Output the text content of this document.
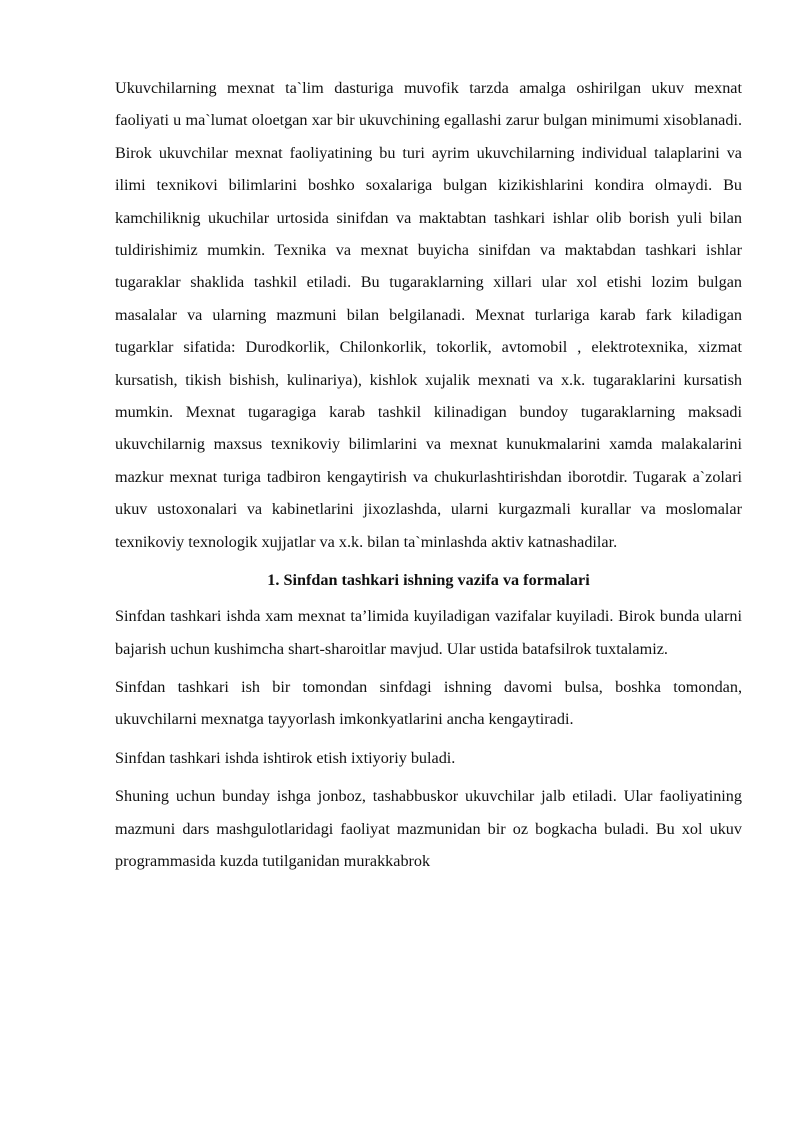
Ukuvchilarning mexnat ta`lim dasturiga muvofik tarzda amalga oshirilgan ukuv mexnat faoliyati u ma`lumat oloetgan xar bir ukuvchining egallashi zarur bulgan minimumi xisoblanadi. Birok ukuvchilar mexnat faoliyatining bu turi ayrim ukuvchilarning individual talaplarini va ilimi texnikovi bilimlarini boshko soxalariga bulgan kizikishlarini kondira olmaydi. Bu kamchiliknig ukuchilar urtosida sinifdan va maktabtan tashkari ishlar olib borish yuli bilan tuldirishimiz mumkin. Texnika va mexnat buyicha sinifdan va maktabdan tashkari ishlar tugaraklar shaklida tashkil etiladi. Bu tugaraklarning xillari ular xol etishi lozim bulgan masalalar va ularning mazmuni bilan belgilanadi. Mexnat turlariga karab fark kiladigan tugarklar sifatida: Durodkorlik, Chilonkorlik, tokorlik, avtomobil , elektrotexnika, xizmat kursatish, tikish bishish, kulinariya), kishlok xujalik mexnati va x.k. tugaraklarini kursatish mumkin. Mexnat tugaragiga karab tashkil kilinadigan bundoy tugaraklarning maksadi ukuvchilarnig maxsus texnikoviy bilimlarini va mexnat kunukmalarini xamda malakalarini mazkur mexnat turiga tadbiron kengaytirish va chukurlashtirishdan iborotdir. Tugarak a`zolari ukuv ustoxonalari va kabinetlarini jixozlashda, ularni kurgazmali kurallar va moslomalar texnikoviy texnologik xujjatlar va x.k. bilan ta`minlashda aktiv katnashadilar.

1. Sinfdan tashkari ishning vazifa va formalari

Sinfdan tashkari ishda xam mexnat ta’limida kuyiladigan vazifalar kuyiladi. Birok bunda ularni bajarish uchun kushimcha shart-sharoitlar mavjud. Ular ustida batafsilrok tuxtalamiz.

Sinfdan tashkari ish bir tomondan sinfdagi ishning davomi bulsa, boshka tomondan, ukuvchilarni mexnatga tayyorlash imkonkyatlarini ancha kengaytiradi.

Sinfdan tashkari ishda ishtirok etish ixtiyoriy buladi.

Shuning uchun bunday ishga jonboz, tashabbuskor ukuvchilar jalb etiladi. Ular faoliyatining mazmuni dars mashgulotlaridagi faoliyat mazmunidan bir oz bogkacha buladi. Bu xol ukuv programmasida kuzda tutilganidan murakkabrok
